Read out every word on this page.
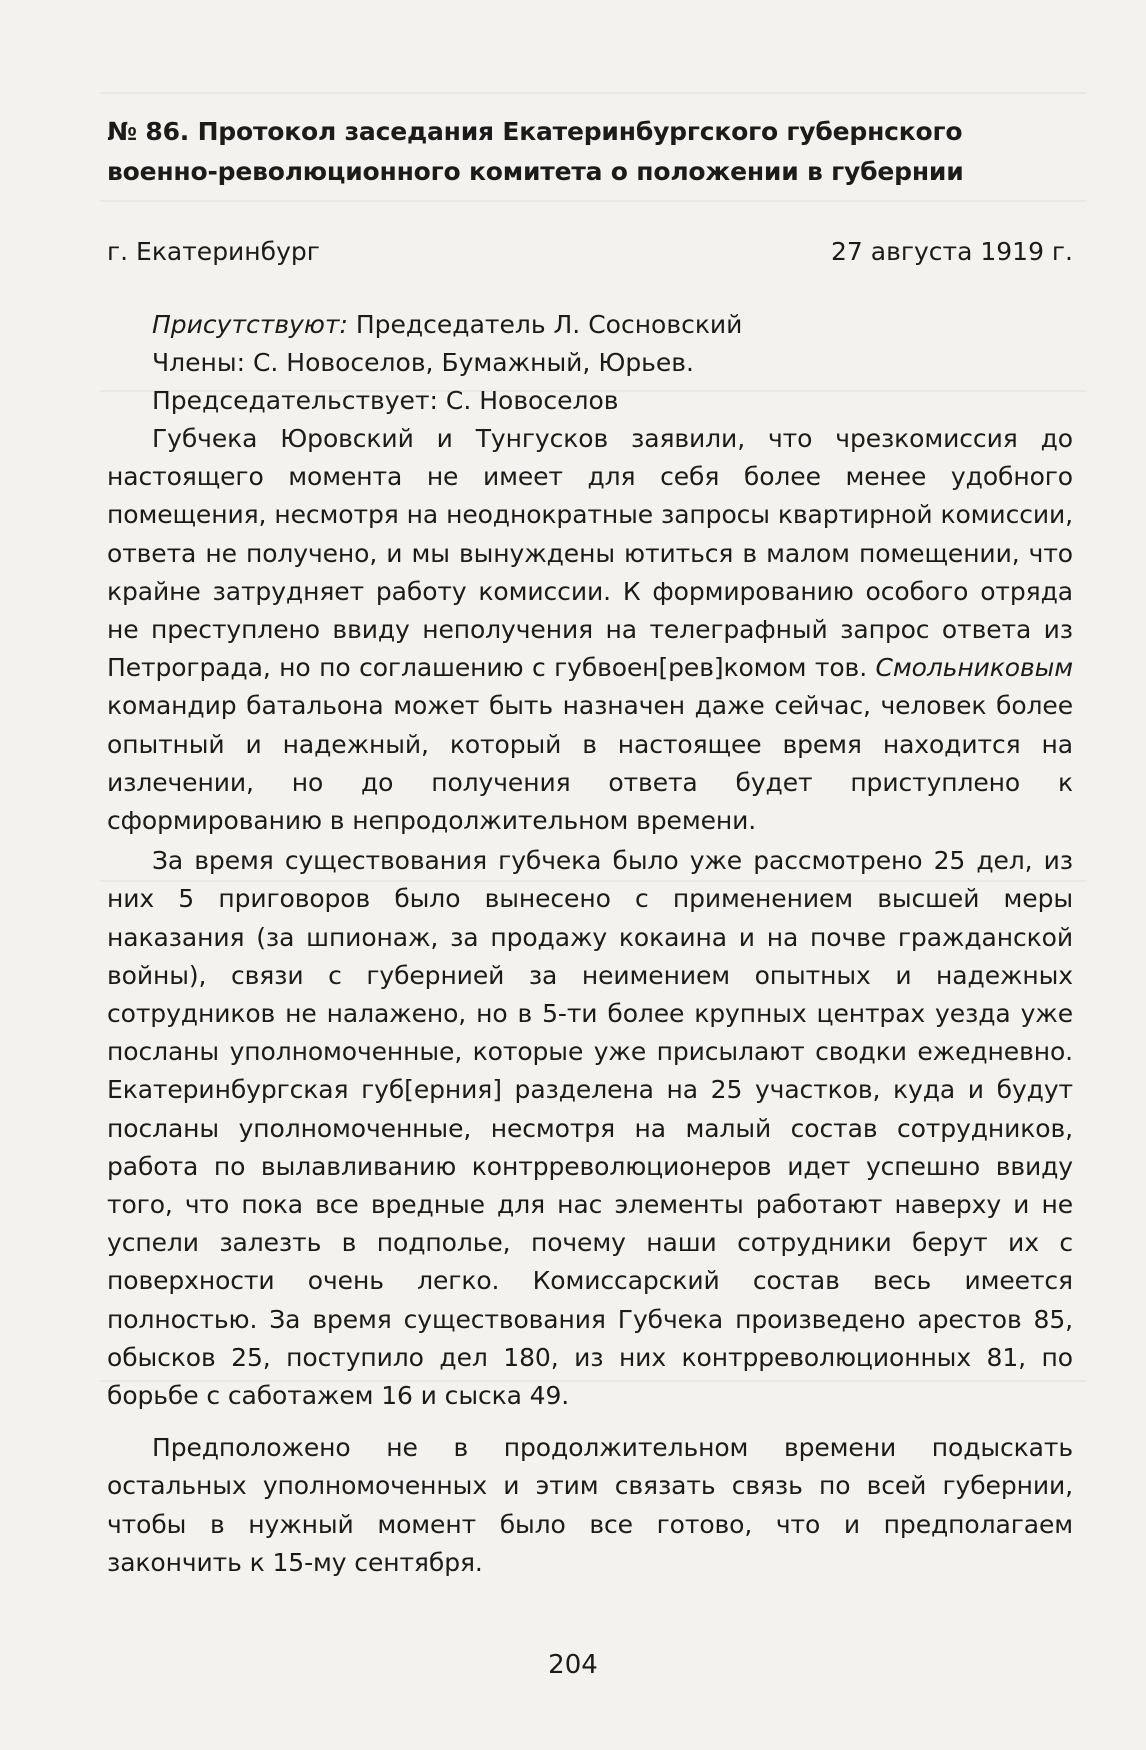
№ 86. Протокол заседания Екатеринбургского губернского военно-революционного комитета о положении в губернии
г. Екатеринбург	27 августа 1919 г.
Присутствуют: Председатель Л. Сосновский
Члены: С. Новоселов, Бумажный, Юрьев.
Председательствует: С. Новоселов

Губчека Юровский и Тунгусков заявили, что чрезкомиссия до настоящего момента не имеет для себя более менее удобного помещения, несмотря на неоднократные запросы квартирной комиссии, ответа не получено, и мы вынуждены ютиться в малом помещении, что крайне затрудняет работу комиссии. К формированию особого отряда не преступлено ввиду неполучения на телеграфный запрос ответа из Петрограда, но по соглашению с губвоен[рев]комом тов. Смольниковым командир батальона может быть назначен даже сейчас, человек более опытный и надежный, который в настоящее время находится на излечении, но до получения ответа будет приступлено к сформированию в непродолжительном времени.

За время существования губчека было уже рассмотрено 25 дел, из них 5 приговоров было вынесено с применением высшей меры наказания (за шпионаж, за продажу кокаина и на почве гражданской войны), связи с губернией за неимением опытных и надежных сотрудников не налажено, но в 5-ти более крупных центрах уезда уже посланы уполномоченные, которые уже присылают сводки ежедневно. Екатеринбургская губ[ерния] разделена на 25 участков, куда и будут посланы уполномоченные, несмотря на малый состав сотрудников, работа по вылавливанию контрреволюционеров идет успешно ввиду того, что пока все вредные для нас элементы работают наверху и не успели залезть в подполье, почему наши сотрудники берут их с поверхности очень легко. Комиссарский состав весь имеется полностью. За время существования Губчека произведено арестов 85, обысков 25, поступило дел 180, из них контрреволюционных 81, по борьбе с саботажем 16 и сыска 49.

Предположено не в продолжительном времени подыскать остальных уполномоченных и этим связать связь по всей губернии, чтобы в нужный момент было все готово, что и предполагаем закончить к 15-му сентября.

204
